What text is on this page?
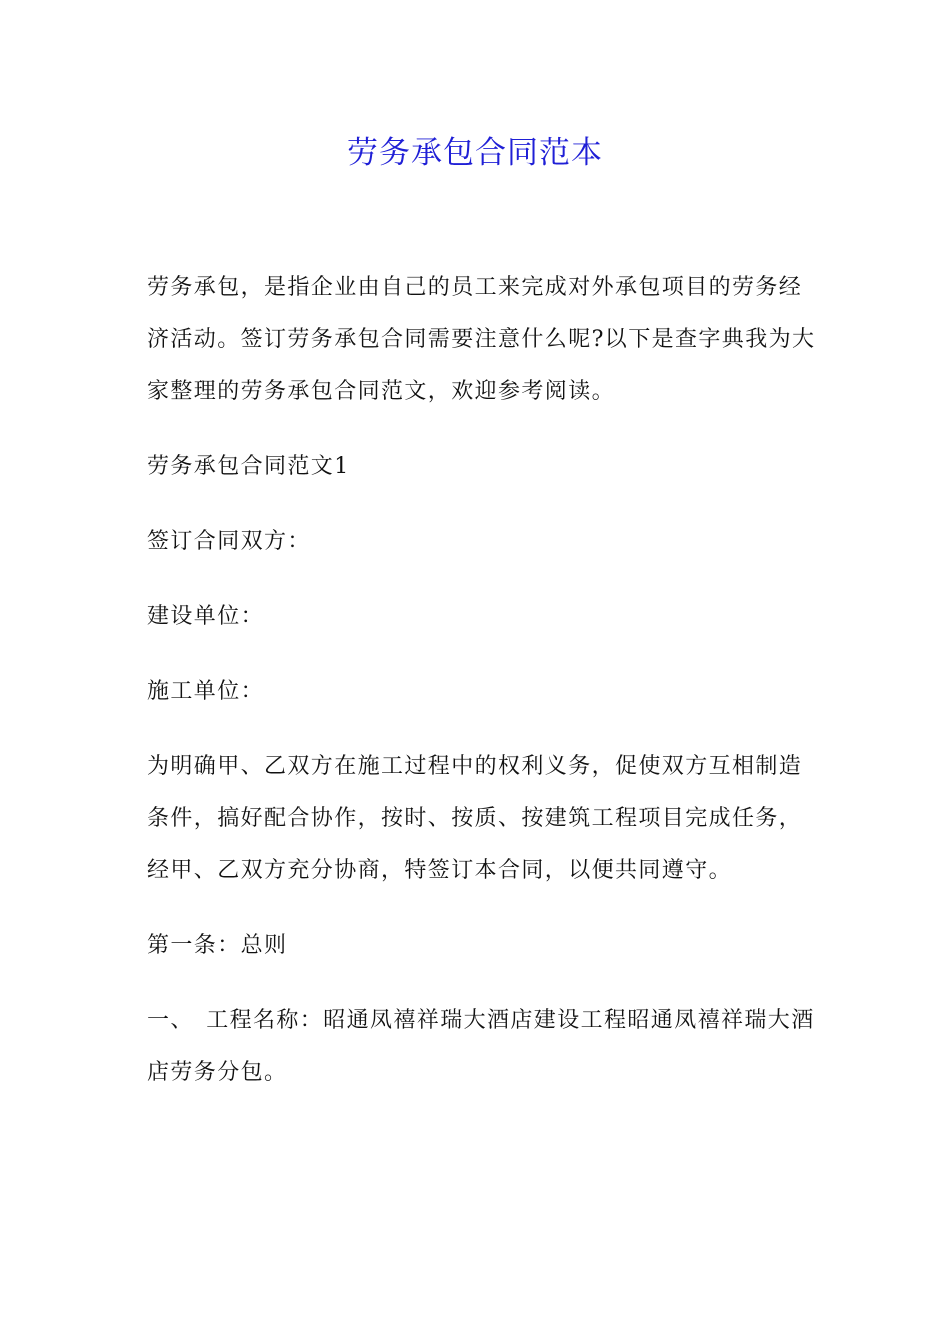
劳务承包合同范本

劳务承包，是指企业由自己的员工来完成对外承包项目的劳务经济活动。签订劳务承包合同需要注意什么呢?以下是查字典我为大家整理的劳务承包合同范文，欢迎参考阅读。

劳务承包合同范文1

签订合同双方：

建设单位：

施工单位：

为明确甲、乙双方在施工过程中的权利义务，促使双方互相制造条件，搞好配合协作，按时、按质、按建筑工程项目完成任务，经甲、乙双方充分协商，特签订本合同，以便共同遵守。

第一条：总则

一、　工程名称：昭通凤禧祥瑞大酒店建设工程昭通凤禧祥瑞大酒店劳务分包。
